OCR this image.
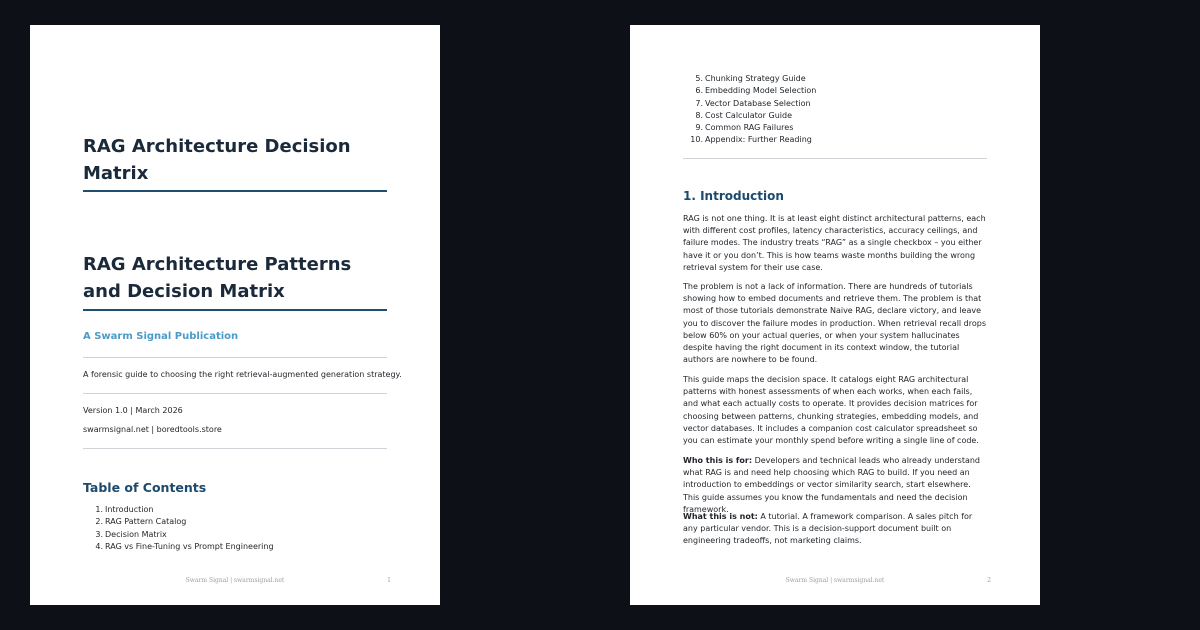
RAG Architecture Decision Matrix
RAG Architecture Patterns and Decision Matrix
A Swarm Signal Publication
A forensic guide to choosing the right retrieval-augmented generation strategy.
Version 1.0 | March 2026
swarmsignal.net | boredtools.store
Table of Contents
1. Introduction
2. RAG Pattern Catalog
3. Decision Matrix
4. RAG vs Fine-Tuning vs Prompt Engineering
Swarm Signal | swarmsignal.net	1
5. Chunking Strategy Guide
6. Embedding Model Selection
7. Vector Database Selection
8. Cost Calculator Guide
9. Common RAG Failures
10. Appendix: Further Reading
1. Introduction

RAG is not one thing. It is at least eight distinct architectural patterns, each with different cost profiles, latency characteristics, accuracy ceilings, and failure modes. The industry treats “RAG” as a single checkbox – you either have it or you don’t. This is how teams waste months building the wrong retrieval system for their use case.

The problem is not a lack of information. There are hundreds of tutorials showing how to embed documents and retrieve them. The problem is that most of those tutorials demonstrate Naive RAG, declare victory, and leave you to discover the failure modes in production. When retrieval recall drops below 60% on your actual queries, or when your system hallucinates despite having the right document in its context window, the tutorial authors are nowhere to be found.

This guide maps the decision space. It catalogs eight RAG architectural patterns with honest assessments of when each works, when each fails, and what each actually costs to operate. It provides decision matrices for choosing between patterns, chunking strategies, embedding models, and vector databases. It includes a companion cost calculator spreadsheet so you can estimate your monthly spend before writing a single line of code.

Who this is for: Developers and technical leads who already understand what RAG is and need help choosing which RAG to build. If you need an introduction to embeddings or vector similarity search, start elsewhere. This guide assumes you know the fundamentals and need the decision framework.

What this is not: A tutorial. A framework comparison. A sales pitch for any particular vendor. This is a decision-support document built on engineering tradeoffs, not marketing claims.

Swarm Signal | swarmsignal.net	2
